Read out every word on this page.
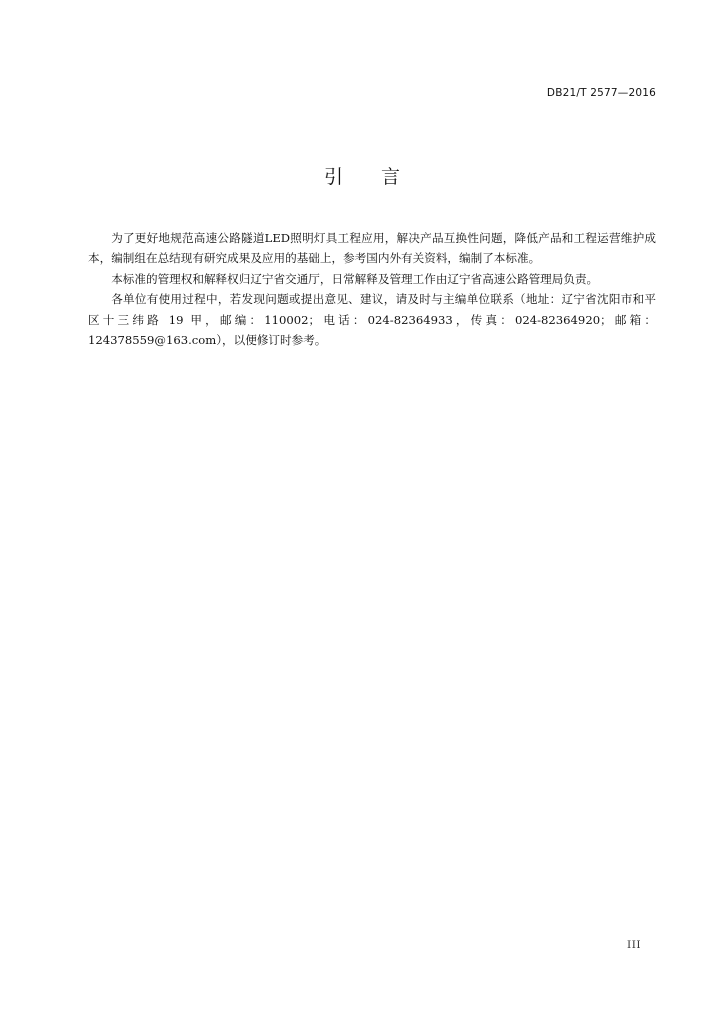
DB21/T 2577—2016
引 言

为了更好地规范高速公路隧道LED照明灯具工程应用，解决产品互换性问题，降低产品和工程运营维护成本，编制组在总结现有研究成果及应用的基础上，参考国内外有关资料，编制了本标准。

本标准的管理权和解释权归辽宁省交通厅，日常解释及管理工作由辽宁省高速公路管理局负责。

各单位有使用过程中，若发现问题或提出意见、建议，请及时与主编单位联系（地址：辽宁省沈阳市和平区十三纬路 19 甲，邮编：110002；电话：024-82364933，传真：024-82364920；邮箱：124378559@163.com），以便修订时参考。

III
